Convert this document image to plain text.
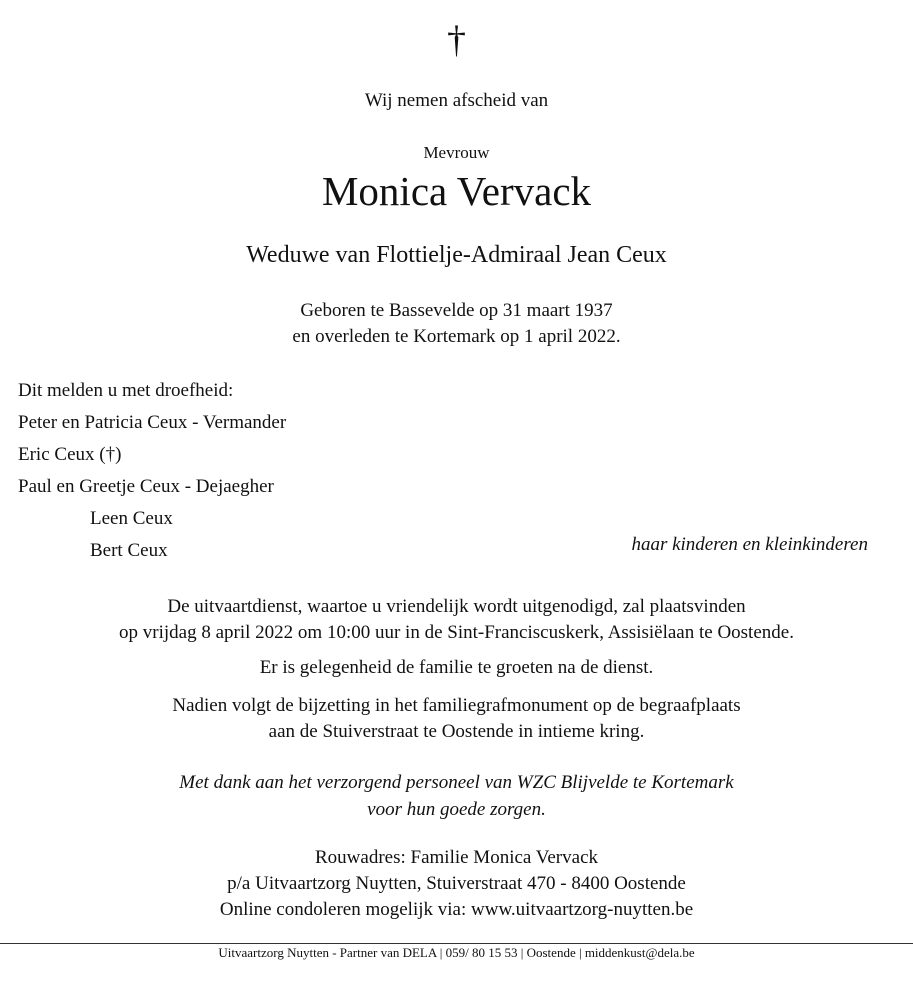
†
Wij nemen afscheid van
Mevrouw
Monica Vervack
Weduwe van Flottielje-Admiraal Jean Ceux
Geboren te Bassevelde op 31 maart 1937
en overleden te Kortemark op 1 april 2022.
Dit melden u met droefheid:
Peter en Patricia Ceux - Vermander
Eric Ceux (†)
Paul en Greetje Ceux - Dejaegher
Leen Ceux
Bert Ceux	haar kinderen en kleinkinderen
De uitvaartdienst, waartoe u vriendelijk wordt uitgenodigd, zal plaatsvinden
op vrijdag 8 april 2022 om 10:00 uur in de Sint-Franciscuskerk, Assisiëlaan te Oostende.
Er is gelegenheid de familie te groeten na de dienst.
Nadien volgt de bijzetting in het familiegrafmonument op de begraafplaats
aan de Stuiverstraat te Oostende in intieme kring.
Met dank aan het verzorgend personeel van WZC Blijvelde te Kortemark
voor hun goede zorgen.
Rouwadres: Familie Monica Vervack
p/a Uitvaartzorg Nuytten, Stuiverstraat 470 - 8400 Oostende
Online condoleren mogelijk via: www.uitvaartzorg-nuytten.be
Uitvaartzorg Nuytten - Partner van DELA | 059/ 80 15 53 | Oostende | middenkust@dela.be
